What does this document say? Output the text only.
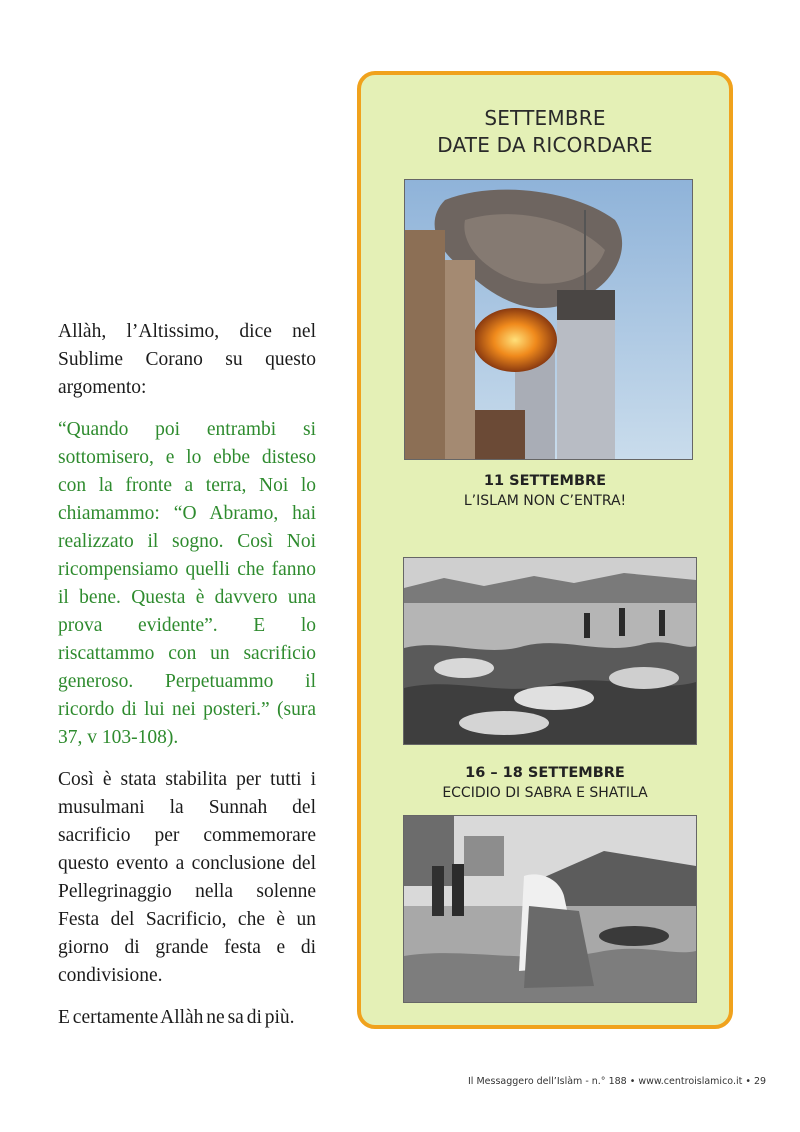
Allàh, l’Altissimo, dice nel Sublime Corano su questo argomento:

“Quando poi entrambi si sottomisero, e lo ebbe disteso con la fronte a terra, Noi lo chiamammo: “O Abramo, hai realizzato il sogno. Così Noi ricompensiamo quelli che fanno il bene. Questa è davvero una prova evidente”. E lo riscattammo con un sacrificio generoso. Perpetuammo il ricordo di lui nei posteri.” (sura 37, v 103-108).

Così è stata stabilita per tutti i musulmani la Sunnah del sacrificio per commemorare questo evento a conclusione del Pellegrinaggio nella solenne Festa del Sacrificio, che è un giorno di grande festa e di condivisione.

E certamente Allàh ne sa di più.

SETTEMBRE
DATE DA RICORDARE
11 SETTEMBRE
L’ISLAM NON C’ENTRA!
16 – 18 SETTEMBRE
ECCIDIO DI SABRA E SHATILA
Il Messaggero dell’Islàm - n.° 188 • www.centroislamico.it • 29
